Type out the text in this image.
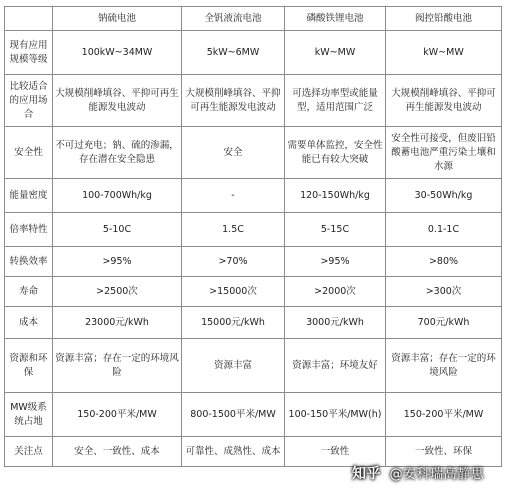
	钠硫电池	全钒液流电池	磷酸铁锂电池	阀控铅酸电池
现有应用规模等级	100kW~34MW	5kW~6MW	kW~MW	kW~MW
比较适合的应用场合	大规模削峰填谷、平抑可再生能源发电波动	大规模削峰填谷、平抑可再生能源发电波动	可选择功率型或能量型，适用范围广泛	大规模削峰填谷、平抑可再生能源发电波动
安全性	不可过充电；钠、硫的渗漏，存在潜在安全隐患	安全	需要单体监控，安全性能已有较大突破	安全性可接受，但废旧铅酸蓄电池严重污染土壤和水源
能量密度	100-700Wh/kg	-	120-150Wh/kg	30-50Wh/kg
倍率特性	5-10C	1.5C	5-15C	0.1-1C
转换效率	>95%	>70%	>95%	>80%
寿命	>2500次	>15000次	>2000次	>300次
成本	23000元/kWh	15000元/kWh	3000元/kWh	700元/kWh
资源和环保	资源丰富；存在一定的环境风险	资源丰富	资源丰富；环境友好	资源丰富；存在一定的环境风险
MW级系统占地	150-200平米/MW	800-1500平米/MW	100-150平米/MW(h)	150-200平米/MW
关注点	安全、一致性、成本	可靠性、成熟性、成本	一致性	一致性、环保
知乎 @安科瑞高静思
